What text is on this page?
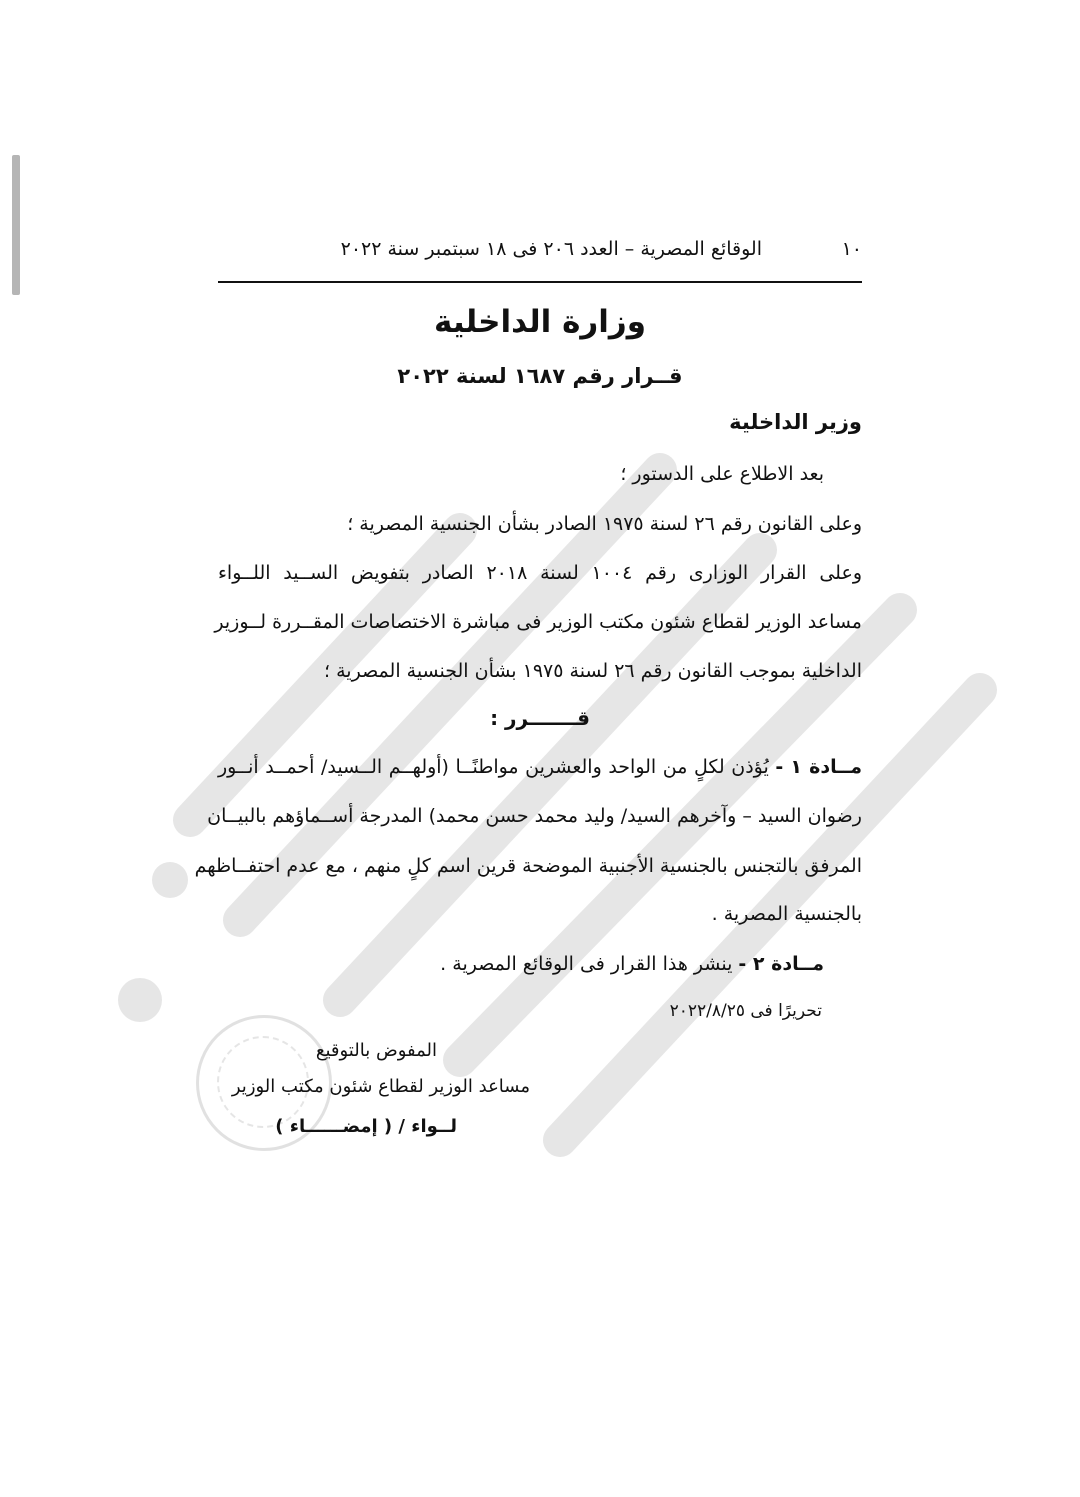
١٠
الوقائع المصرية – العدد ٢٠٦ فى ١٨ سبتمبر سنة ٢٠٢٢
وزارة الداخلية
قــرار رقم ١٦٨٧ لسنة ٢٠٢٢
وزير الداخلية
بعد الاطلاع على الدستور ؛
وعلى القانون رقم ٢٦ لسنة ١٩٧٥ الصادر بشأن الجنسية المصرية ؛
وعلى القرار الوزارى رقم ١٠٠٤ لسنة ٢٠١٨ الصادر بتفويض الســيد اللــواء
مساعد الوزير لقطاع شئون مكتب الوزير فى مباشرة الاختصاصات المقــررة لــوزير
الداخلية بموجب القانون رقم ٢٦ لسنة ١٩٧٥ بشأن الجنسية المصرية ؛
قـــــــرر :
مــادة ١ - يُؤذن لكلٍ من الواحد والعشرين مواطنًــا (أولهــم الــسيد/ أحمــد أنــور
رضوان السيد – وآخرهم السيد/ وليد محمد حسن محمد) المدرجة أســماؤهم بالبيــان
المرفق بالتجنس بالجنسية الأجنبية الموضحة قرين اسم كلٍ منهم ، مع عدم احتفــاظهم
بالجنسية المصرية .
مــادة ٢ - ينشر هذا القرار فى الوقائع المصرية .
تحريرًا فى ٢٠٢٢/٨/٢٥
المفوض بالتوقيع
مساعد الوزير لقطاع شئون مكتب الوزير
لــواء / ( إمضــــــاء )
